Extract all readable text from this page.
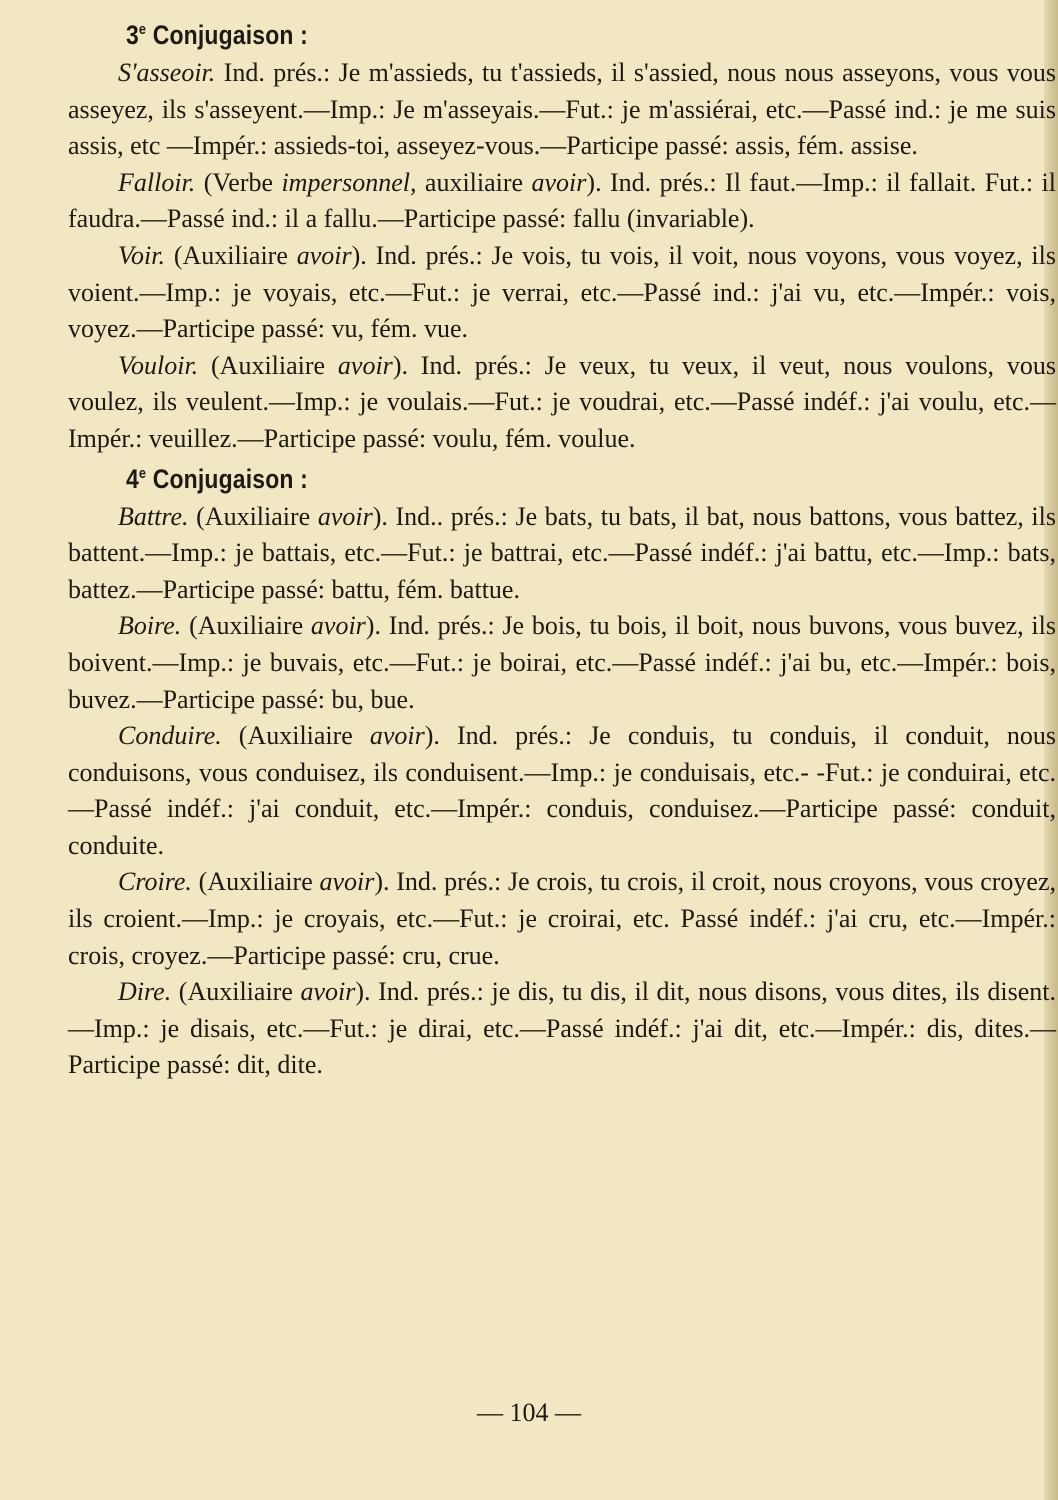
3e Conjugaison :

S'asseoir. Ind. prés.: Je m'assieds, tu t'assieds, il s'assied, nous nous asseyons, vous vous asseyez, ils s'asseyent.—Imp.: Je m'asseyais.—Fut.: je m'assiérai, etc.—Passé ind.: je me suis assis, etc —Impér.: assieds-toi, asseyez-vous.—Participe passé: assis, fém. assise.

Falloir. (Verbe impersonnel, auxiliaire avoir). Ind. prés.: Il faut.—Imp.: il fallait. Fut.: il faudra.—Passé ind.: il a fallu.—Participe passé: fallu (invariable).

Voir. (Auxiliaire avoir). Ind. prés.: Je vois, tu vois, il voit, nous voyons, vous voyez, ils voient.—Imp.: je voyais, etc.—Fut.: je verrai, etc.—Passé ind.: j'ai vu, etc.—Impér.: vois, voyez.—Participe passé: vu, fém. vue.

Vouloir. (Auxiliaire avoir). Ind. prés.: Je veux, tu veux, il veut, nous voulons, vous voulez, ils veulent.—Imp.: je voulais.—Fut.: je voudrai, etc.—Passé indéf.: j'ai voulu, etc.—Impér.: veuillez.—Participe passé: voulu, fém. voulue.

4e Conjugaison :

Battre. (Auxiliaire avoir). Ind.. prés.: Je bats, tu bats, il bat, nous battons, vous battez, ils battent.—Imp.: je battais, etc.—Fut.: je battrai, etc.—Passé indéf.: j'ai battu, etc.—Imp.: bats, battez.—Participe passé: battu, fém. battue.

Boire. (Auxiliaire avoir). Ind. prés.: Je bois, tu bois, il boit, nous buvons, vous buvez, ils boivent.—Imp.: je buvais, etc.—Fut.: je boirai, etc.—Passé indéf.: j'ai bu, etc.—Impér.: bois, buvez.—Participe passé: bu, bue.

Conduire. (Auxiliaire avoir). Ind. prés.: Je conduis, tu conduis, il conduit, nous conduisons, vous conduisez, ils conduisent.—Imp.: je conduisais, etc.- -Fut.: je conduirai, etc.—Passé indéf.: j'ai conduit, etc.—Impér.: conduis, conduisez.—Participe passé: conduit, conduite.

Croire. (Auxiliaire avoir). Ind. prés.: Je crois, tu crois, il croit, nous croyons, vous croyez, ils croient.—Imp.: je croyais, etc.—Fut.: je croirai, etc. Passé indéf.: j'ai cru, etc.—Impér.: crois, croyez.—Participe passé: cru, crue.

Dire. (Auxiliaire avoir). Ind. prés.: je dis, tu dis, il dit, nous disons, vous dites, ils disent.—Imp.: je disais, etc.—Fut.: je dirai, etc.—Passé indéf.: j'ai dit, etc.—Impér.: dis, dites.—Participe passé: dit, dite.

— 104 —
